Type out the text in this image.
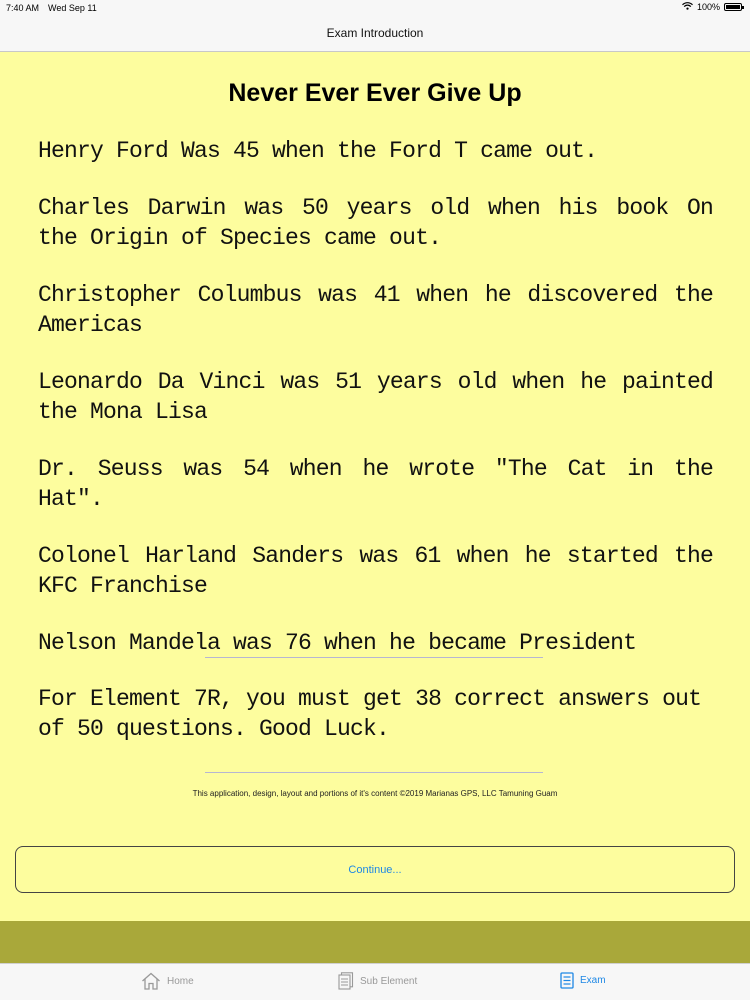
7:40 AM Wed Sep 11	100%
Exam Introduction
Never Ever Ever Give Up
Henry Ford Was 45 when the Ford T came out.
Charles Darwin was 50 years old when his book On the Origin of Species came out.
Christopher Columbus was 41 when he discovered the Americas
Leonardo Da Vinci was 51 years old when he painted the Mona Lisa
Dr. Seuss was 54 when he wrote "The Cat in the Hat".
Colonel Harland Sanders was 61 when he started the KFC Franchise
Nelson Mandela was 76 when he became President

For Element 7R, you must get 38 correct answers out of 50 questions. Good Luck.

This application, design, layout and portions of it's content ©2019 Marianas GPS, LLC Tamuning Guam
Continue...
Home	Sub Element	Exam
